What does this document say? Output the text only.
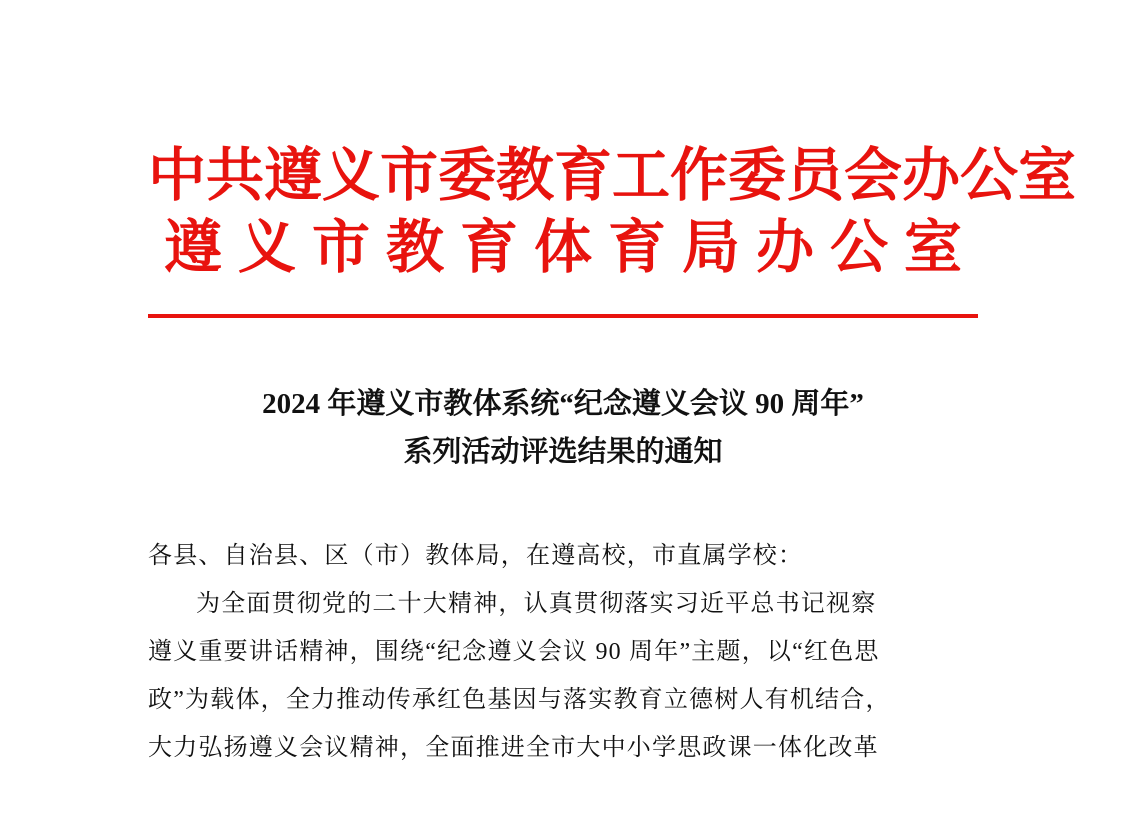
中共遵义市委教育工作委员会办公室
遵义市教育体育局办公室
2024 年遵义市教体系统“纪念遵义会议 90 周年”
系列活动评选结果的通知

各县、自治县、区（市）教体局，在遵高校，市直属学校：

为全面贯彻党的二十大精神，认真贯彻落实习近平总书记视察
遵义重要讲话精神，围绕“纪念遵义会议 90 周年”主题，以“红色思
政”为载体，全力推动传承红色基因与落实教育立德树人有机结合，
大力弘扬遵义会议精神，全面推进全市大中小学思政课一体化改革
